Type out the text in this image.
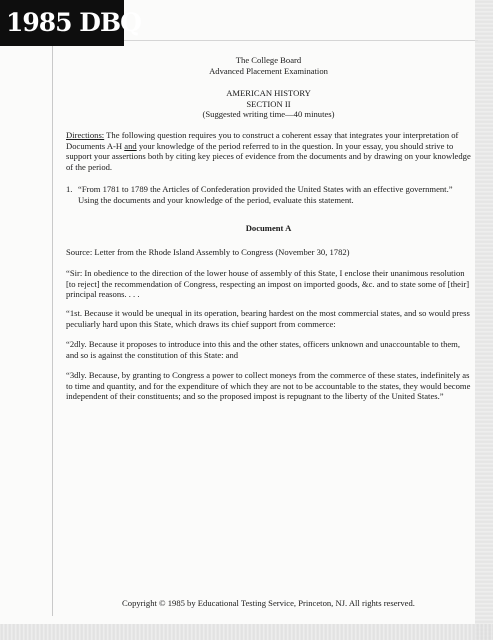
1985 DBQ

The College Board

Advanced Placement Examination

AMERICAN HISTORY

SECTION II

(Suggested writing time—40 minutes)

Directions: The following question requires you to construct a coherent essay that integrates your interpretation of Documents A-H and your knowledge of the period referred to in the question. In your essay, you should strive to support your assertions both by citing key pieces of evidence from the documents and by drawing on your knowledge of the period.

1. “From 1781 to 1789 the Articles of Confederation provided the United States with an effective government.” Using the documents and your knowledge of the period, evaluate this statement.

Document A
Source: Letter from the Rhode Island Assembly to Congress (November 30, 1782)
“Sir: In obedience to the direction of the lower house of assembly of this State, I enclose their unanimous resolution [to reject] the recommendation of Congress, respecting an impost on imported goods, &c. and to state some of [their] principal reasons. . . .
“1st. Because it would be unequal in its operation, bearing hardest on the most commercial states, and so would press peculiarly hard upon this State, which draws its chief support from commerce:
“2dly. Because it proposes to introduce into this and the other states, officers unknown and unaccountable to them, and so is against the constitution of this State: and
“3dly. Because, by granting to Congress a power to collect moneys from the commerce of these states, indefinitely as to time and quantity, and for the expenditure of which they are not to be accountable to the states, they would become independent of their constituents; and so the proposed impost is repugnant to the liberty of the United States.”
Copyright © 1985 by Educational Testing Service, Princeton, NJ. All rights reserved.
